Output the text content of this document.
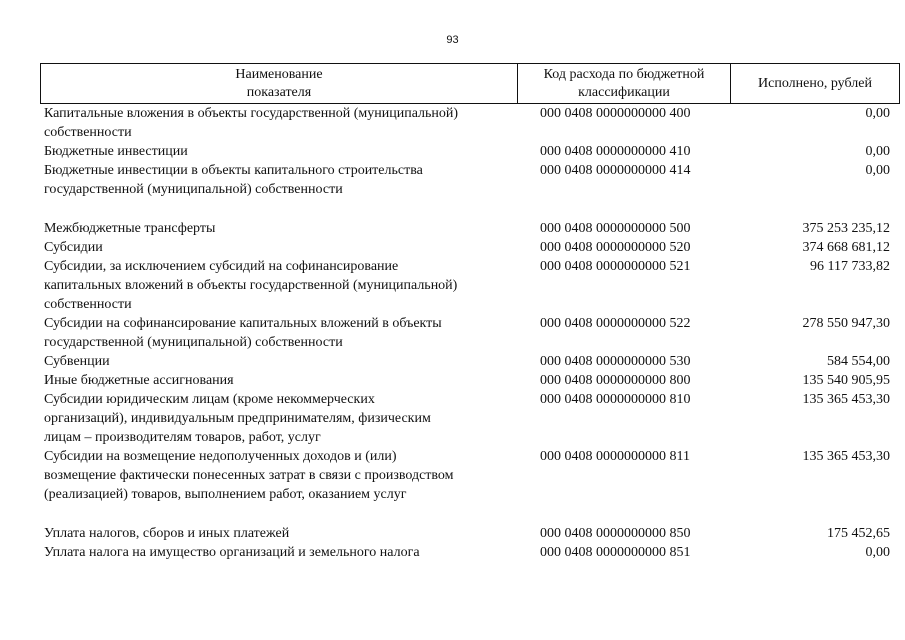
93
Наименование
показателя
Код расхода по бюджетной
классификации
Исполнено, рублей
Капитальные вложения в объекты государственной (муниципальной)
собственности
000 0408 0000000000 400	0,00
Бюджетные инвестиции	000 0408 0000000000 410	0,00
Бюджетные инвестиции в объекты капитального строительства
государственной (муниципальной) собственности
000 0408 0000000000 414	0,00
Межбюджетные трансферты	000 0408 0000000000 500	375 253 235,12
Субсидии	000 0408 0000000000 520	374 668 681,12
Субсидии, за исключением субсидий на софинансирование
капитальных вложений в объекты государственной (муниципальной)
собственности
000 0408 0000000000 521	96 117 733,82
Субсидии на софинансирование капитальных вложений в объекты
государственной (муниципальной) собственности
000 0408 0000000000 522	278 550 947,30
Субвенции	000 0408 0000000000 530	584 554,00
Иные бюджетные ассигнования	000 0408 0000000000 800	135 540 905,95
Субсидии юридическим лицам (кроме некоммерческих
организаций), индивидуальным предпринимателям, физическим
лицам – производителям товаров, работ, услуг
000 0408 0000000000 810	135 365 453,30
Субсидии на возмещение недополученных доходов и (или)
возмещение фактически понесенных затрат в связи с производством
(реализацией) товаров, выполнением работ, оказанием услуг
000 0408 0000000000 811	135 365 453,30
Уплата налогов, сборов и иных платежей	000 0408 0000000000 850	175 452,65
Уплата налога на имущество организаций и земельного налога	000 0408 0000000000 851	0,00
